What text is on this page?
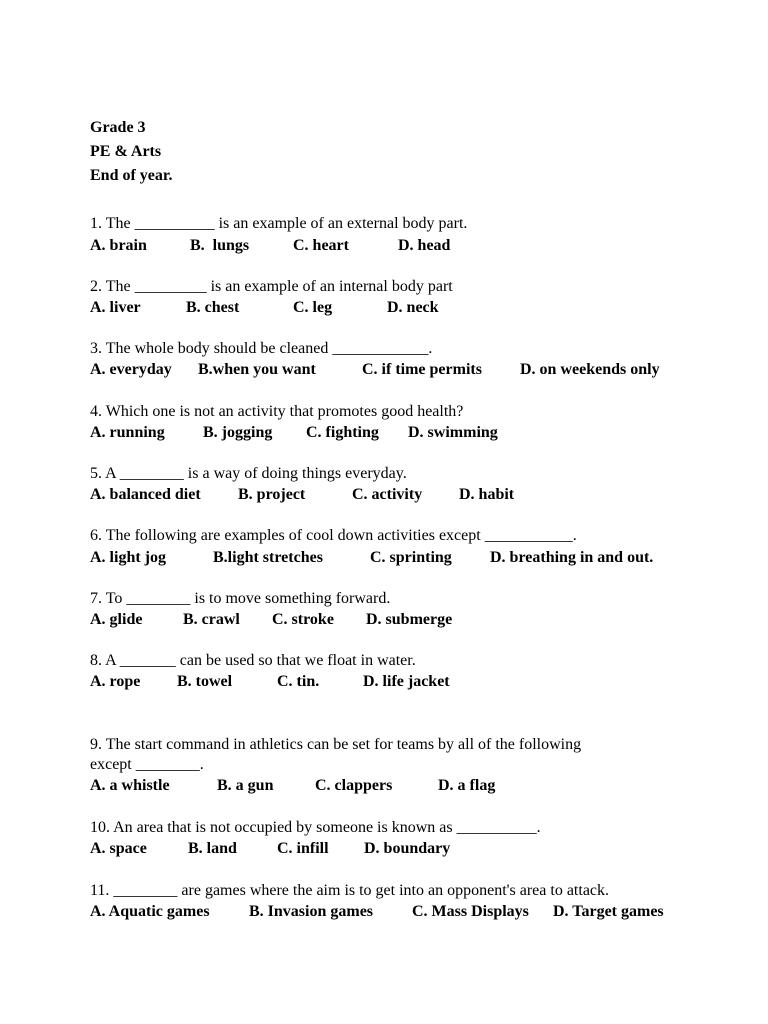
Grade 3
PE & Arts
End of year.
1. The __________ is an example of an external body part.
A. brain	B.  lungs	C. heart	D. head
2. The _________ is an example of an internal body part
A. liver	B. chest	C. leg	D. neck
3. The whole body should be cleaned ____________.
A. everyday B.when you want	C. if time permits D. on weekends only
4. Which one is not an activity that promotes good health?
A. running B. jogging C. fighting D. swimming
5. A ________ is a way of doing things everyday.
A. balanced diet B. project	C. activity D. habit
6. The following are examples of cool down activities except ___________.
A. light jog	B.light stretches	C. sprinting D. breathing in and out.
7. To ________ is to move something forward.
A. glide	B. crawl C. stroke D. submerge
8. A _______ can be used so that we float in water.
A. rope B. towel	C. tin.	D. life jacket
9. The start command in athletics can be set for teams by all of the following
except ________.
A. a whistle	B. a gun	C. clappers	D. a flag
10. An area that is not occupied by someone is known as __________.
A. space	B. land	C. infill D. boundary
11. ________ are games where the aim is to get into an opponent's area to attack.
A. Aquatic games B. Invasion games C. Mass Displays D. Target games
